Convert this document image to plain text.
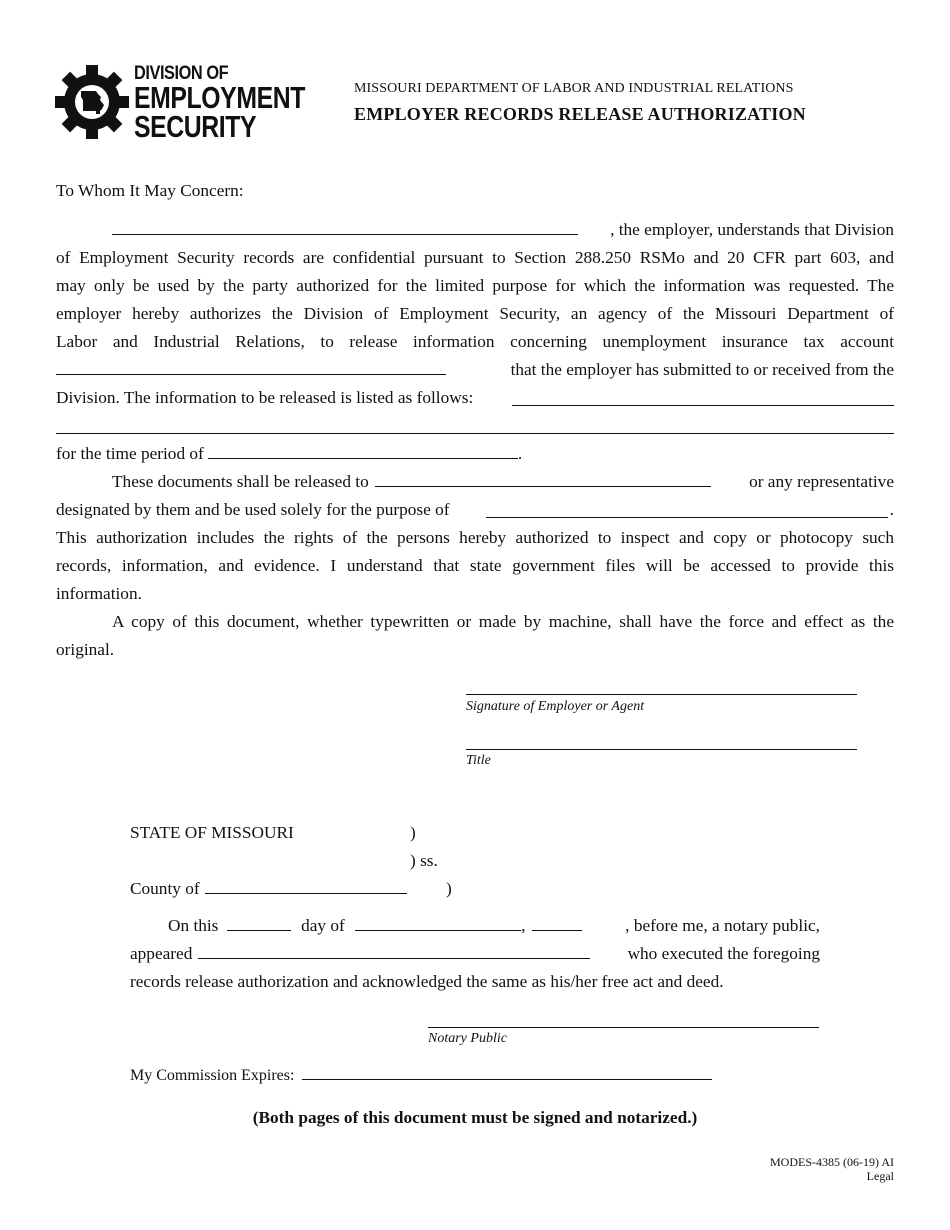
DIVISION OF
EMPLOYMENT
SECURITY
MISSOURI DEPARTMENT OF LABOR AND INDUSTRIAL RELATIONS
EMPLOYER RECORDS RELEASE AUTHORIZATION
To Whom It May Concern:
, the employer, understands that Division
of Employment Security records are confidential pursuant to Section 288.250 RSMo and 20 CFR part 603, and
may only be used by the party authorized for the limited purpose for which the information was requested. The
employer hereby authorizes the Division of Employment Security, an agency of the Missouri Department of
Labor and Industrial Relations, to release information concerning unemployment insurance tax account
that the employer has submitted to or received from the
Division. The information to be released is listed as follows:
for the time period of	.
These documents shall be released to	or any representative
designated by them and be used solely for the purpose of	.
This authorization includes the rights of the persons hereby authorized to inspect and copy or photocopy such
records, information, and evidence. I understand that state government files will be accessed to provide this
information.
A copy of this document, whether typewritten or made by machine, shall have the force and effect as the
original.
Signature of Employer or Agent
Title
STATE OF MISSOURI	)
) ss.
County of	)
On this	day of	,	, before me, a notary public,
appeared	who executed the foregoing
records release authorization and acknowledged the same as his/her free act and deed.
Notary Public
My Commission Expires:
(Both pages of this document must be signed and notarized.)
MODES-4385 (06-19) AI
Legal
